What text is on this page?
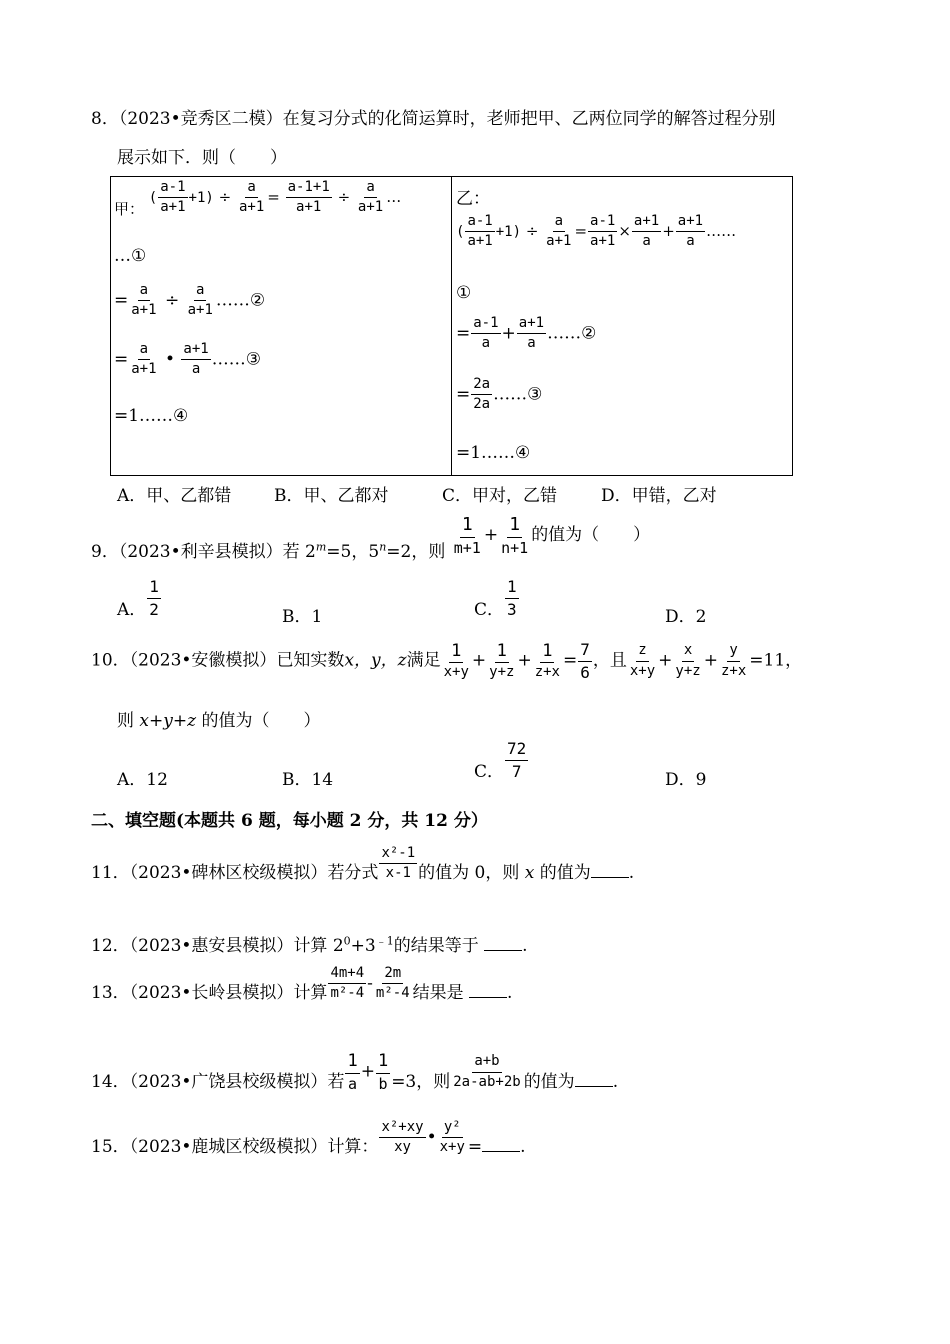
8．（2023•竞秀区二模）在复习分式的化简运算时，老师把甲、乙两位同学的解答过程分别
展示如下．则（　　）
甲： ( $\frac{a-1}{a+1} +1) \div \frac{a}{a+1} = \frac{a-1+1}{a+1} \div \frac{a}{a+1}$ …
…①
= $\frac{a}{a+1} \div \frac{a}{a+1}$ ……②
= $\frac{a}{a+1}$ • $\frac{a+1}{a}$ ……③
=1……④
乙：
( $\frac{a-1}{a+1} +1) \div \frac{a}{a+1} = \frac{a-1}{a+1} \times \frac{a+1}{a} + \frac{a+1}{a}$ ……
①
= $\frac{a-1}{a} + \frac{a+1}{a}$ ……②
= $\frac{2a}{2a}$ ……③
=1……④
A．甲、乙都错	B．甲、乙都对	C．甲对，乙错	D．甲错，乙对
9．（2023•利辛县模拟）若 $2^m=5$，$5^n=2$，则 $\frac{1}{m+1} + \frac{1}{n+1}$ 的值为（　　）
A． $\frac{1}{2}$	B．1	C． $\frac{1}{3}$	D．2
10．（2023•安徽模拟）已知实数x，y，z满足 $\frac{1}{x+y} + \frac{1}{y+z} + \frac{1}{z+x} = \frac{7}{6}$ ，且 $\frac{z}{x+y} + \frac{x}{y+z} + \frac{y}{z+x} =11$，
则 x+y+z 的值为（　　）
A．12	B．14	C． $\frac{72}{7}$	D．9
二、填空题(本题共 6 题，每小题 2 分，共 12 分）
11．（2023•碑林区校级模拟）若分式 $\frac{\text{x²-1}}{x-1}$ 的值为 0，则 x 的值为 .
12．（2023•惠安县模拟）计算 $2^0+3^{﹣1}$的结果等于	.
13．（2023•长岭县模拟）计算 $\frac{4m+4}{\text{m²-4}} - \frac{2m}{\text{m²-4}}$ 结果是	.
14．（2023•广饶县校级模拟）若 $\frac{1}{a} + \frac{1}{b} =3$，则 $\frac{a+b}{2a-ab+2b}$ 的值为 .
15．（2023•鹿城区校级模拟）计算： $\frac{\text{x²+xy}}{xy}$ • $\frac{\text{y²}}{x+y}$ = .
